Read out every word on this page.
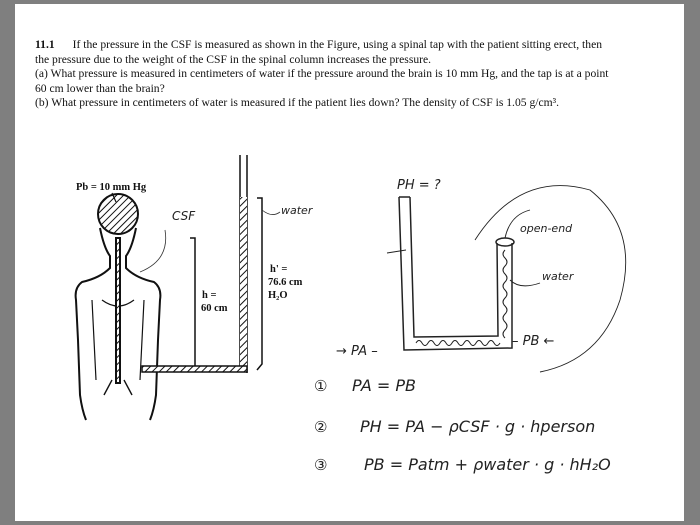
11.1 If the pressure in the CSF is measured as shown in the Figure, using a spinal tap with the patient sitting erect, then the pressure due to the weight of the CSF in the spinal column increases the pressure.
(a) What pressure is measured in centimeters of water if the pressure around the brain is 10 mm Hg, and the tap is at a point 60 cm lower than the brain?
(b) What pressure in centimeters of water is measured if the patient lies down? The density of CSF is 1.05 g/cm³.
Pb = 10 mm Hg
CSF	water
h =
60 cm
h' =
76.6 cm
H₂O
PH = ?
open-end
water
→ PA –
– PB ←
① PA = PB
② PH = PA − ρCSF · g · hperson
③ PB = Patm + ρwater · g · hH₂O
